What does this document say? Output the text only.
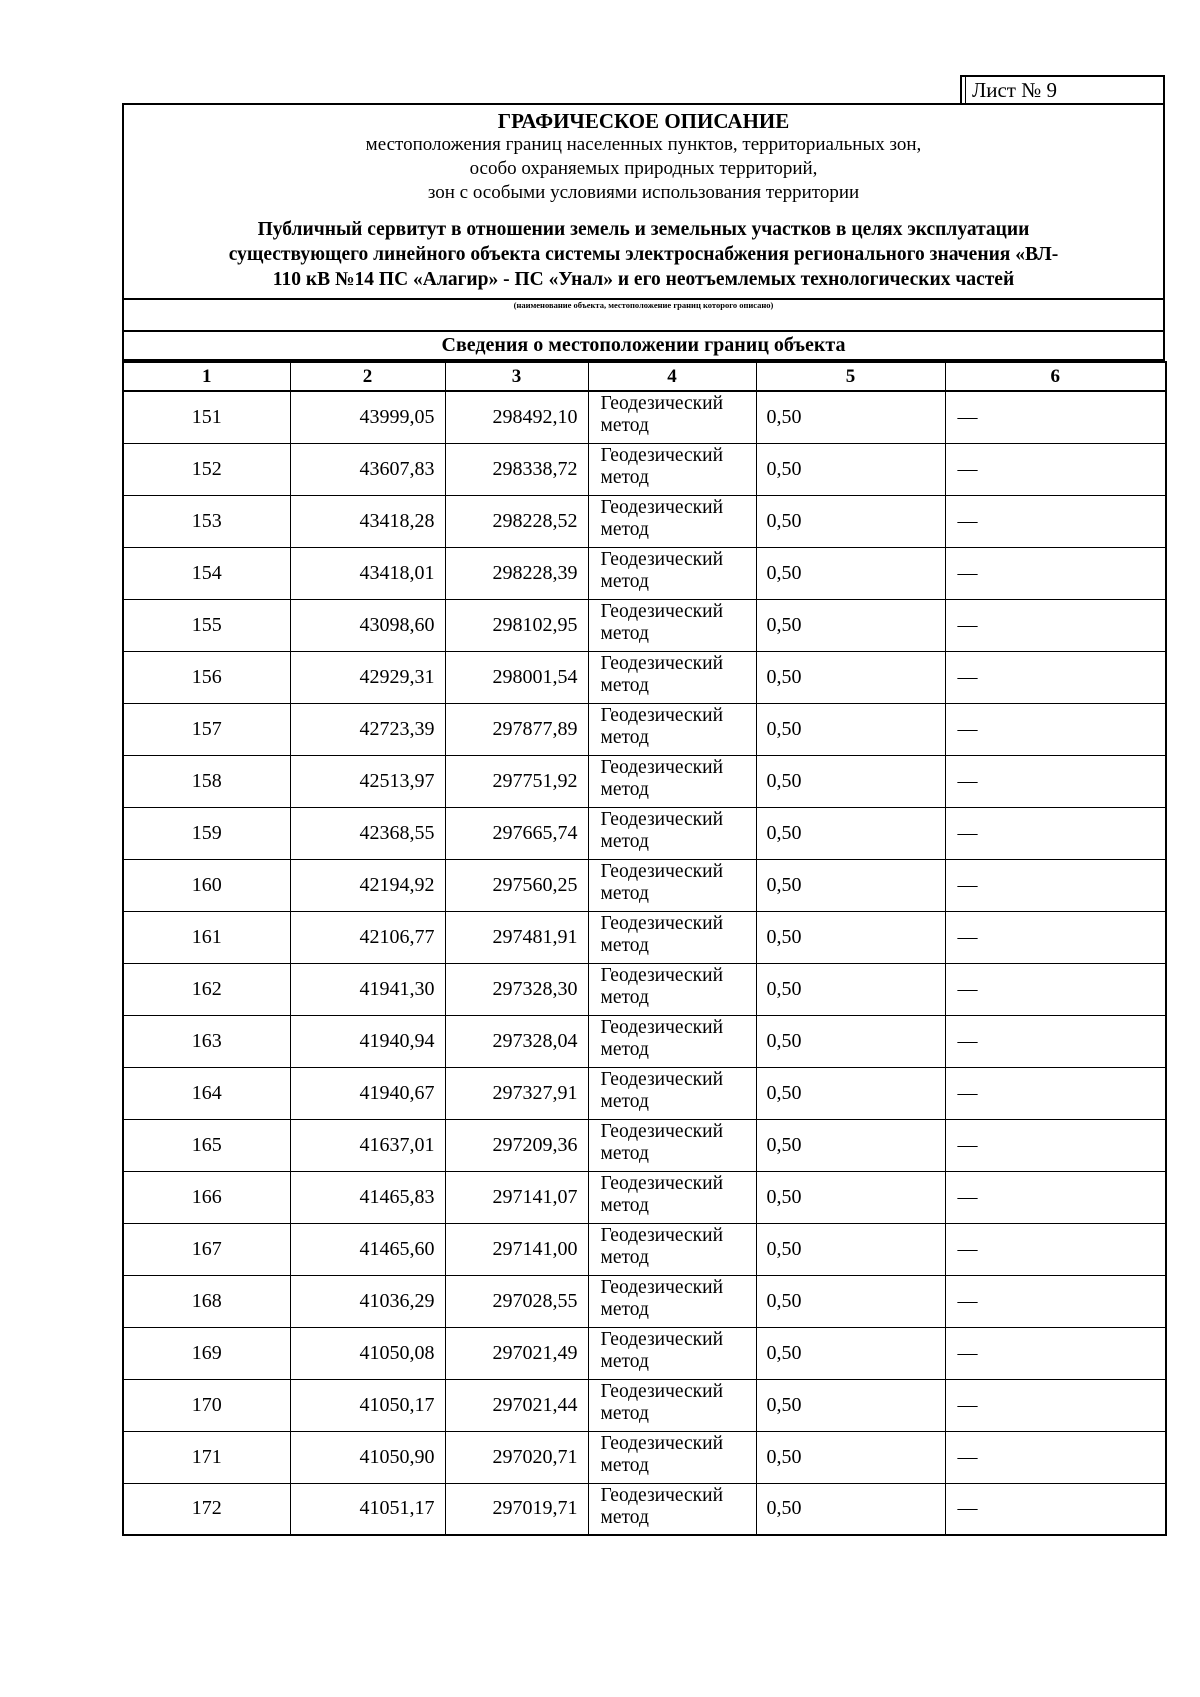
Лист № 9
ГРАФИЧЕСКОЕ ОПИСАНИЕ
местоположения границ населенных пунктов, территориальных зон,
особо охраняемых природных территорий,
зон с особыми условиями использования территории
Публичный сервитут в отношении земель и земельных участков в целях эксплуатации
существующего линейного объекта системы электроснабжения регионального значения «ВЛ-
110 кВ №14 ПС «Алагир» - ПС «Унал» и его неотъемлемых технологических частей
(наименование объекта, местоположение границ которого описано)
Сведения о местоположении границ объекта
1	2	3	4	5	6
151	43999,05	298492,10	Геодезический метод	0,50	—
152	43607,83	298338,72	Геодезический метод	0,50	—
153	43418,28	298228,52	Геодезический метод	0,50	—
154	43418,01	298228,39	Геодезический метод	0,50	—
155	43098,60	298102,95	Геодезический метод	0,50	—
156	42929,31	298001,54	Геодезический метод	0,50	—
157	42723,39	297877,89	Геодезический метод	0,50	—
158	42513,97	297751,92	Геодезический метод	0,50	—
159	42368,55	297665,74	Геодезический метод	0,50	—
160	42194,92	297560,25	Геодезический метод	0,50	—
161	42106,77	297481,91	Геодезический метод	0,50	—
162	41941,30	297328,30	Геодезический метод	0,50	—
163	41940,94	297328,04	Геодезический метод	0,50	—
164	41940,67	297327,91	Геодезический метод	0,50	—
165	41637,01	297209,36	Геодезический метод	0,50	—
166	41465,83	297141,07	Геодезический метод	0,50	—
167	41465,60	297141,00	Геодезический метод	0,50	—
168	41036,29	297028,55	Геодезический метод	0,50	—
169	41050,08	297021,49	Геодезический метод	0,50	—
170	41050,17	297021,44	Геодезический метод	0,50	—
171	41050,90	297020,71	Геодезический метод	0,50	—
172	41051,17	297019,71	Геодезический метод	0,50	—
